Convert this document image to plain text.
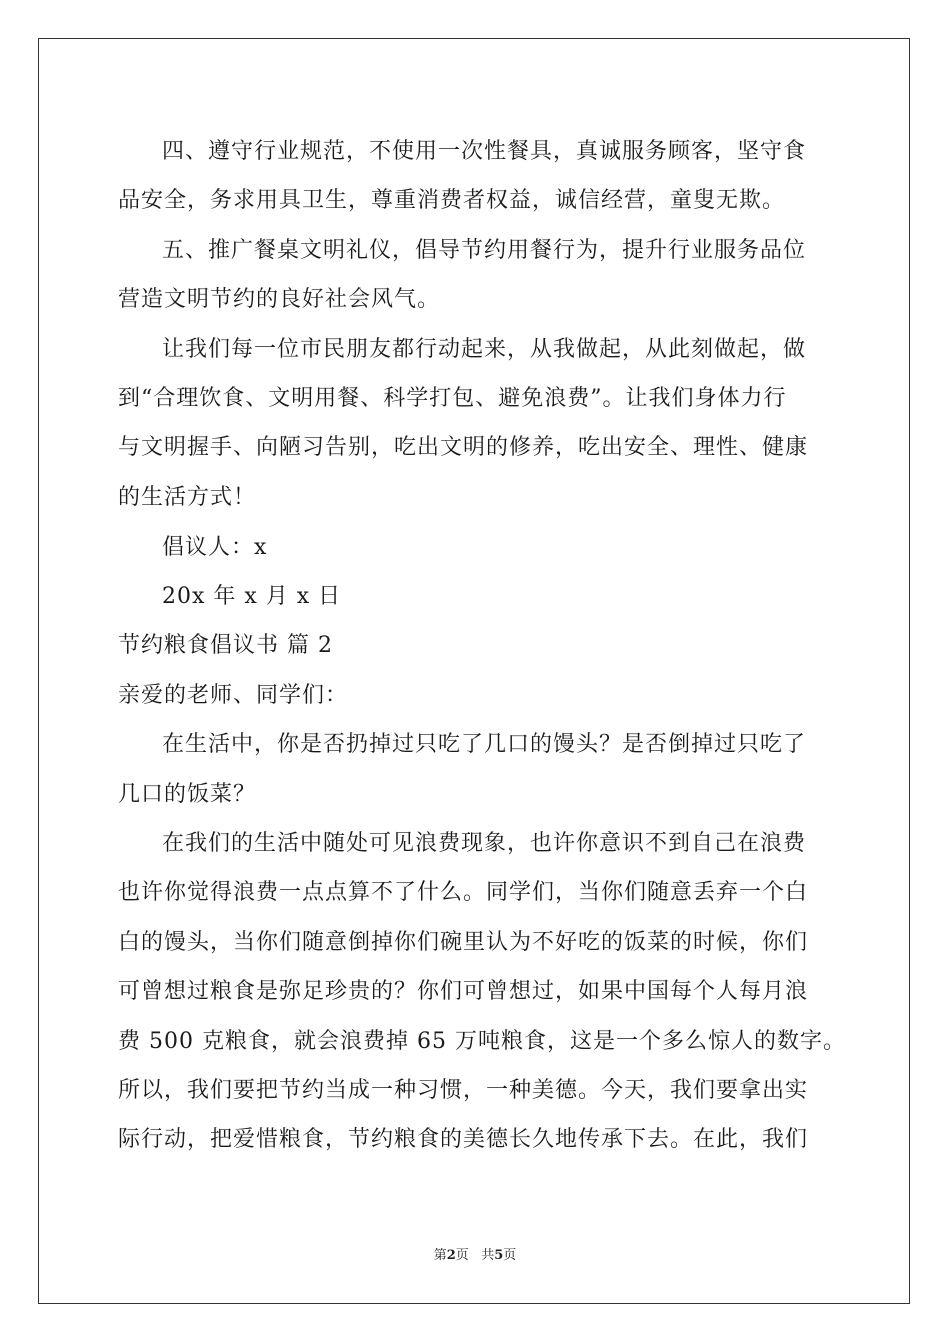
四、遵守行业规范，不使用一次性餐具，真诚服务顾客，坚守食
品安全，务求用具卫生，尊重消费者权益，诚信经营，童叟无欺。
五、推广餐桌文明礼仪，倡导节约用餐行为，提升行业服务品位
营造文明节约的良好社会风气。
让我们每一位市民朋友都行动起来，从我做起，从此刻做起，做
到“合理饮食、文明用餐、科学打包、避免浪费”。让我们身体力行
与文明握手、向陋习告别，吃出文明的修养，吃出安全、理性、健康
的生活方式！
倡议人：x
20x 年 x 月 x 日
节约粮食倡议书 篇 2
亲爱的老师、同学们：
在生活中，你是否扔掉过只吃了几口的馒头？是否倒掉过只吃了
几口的饭菜？
在我们的生活中随处可见浪费现象，也许你意识不到自己在浪费
也许你觉得浪费一点点算不了什么。同学们，当你们随意丢弃一个白
白的馒头，当你们随意倒掉你们碗里认为不好吃的饭菜的时候，你们
可曾想过粮食是弥足珍贵的？你们可曾想过，如果中国每个人每月浪
费 500 克粮食，就会浪费掉 65 万吨粮食，这是一个多么惊人的数字。
所以，我们要把节约当成一种习惯，一种美德。今天，我们要拿出实
际行动，把爱惜粮食，节约粮食的美德长久地传承下去。在此，我们
第2页 共5页
